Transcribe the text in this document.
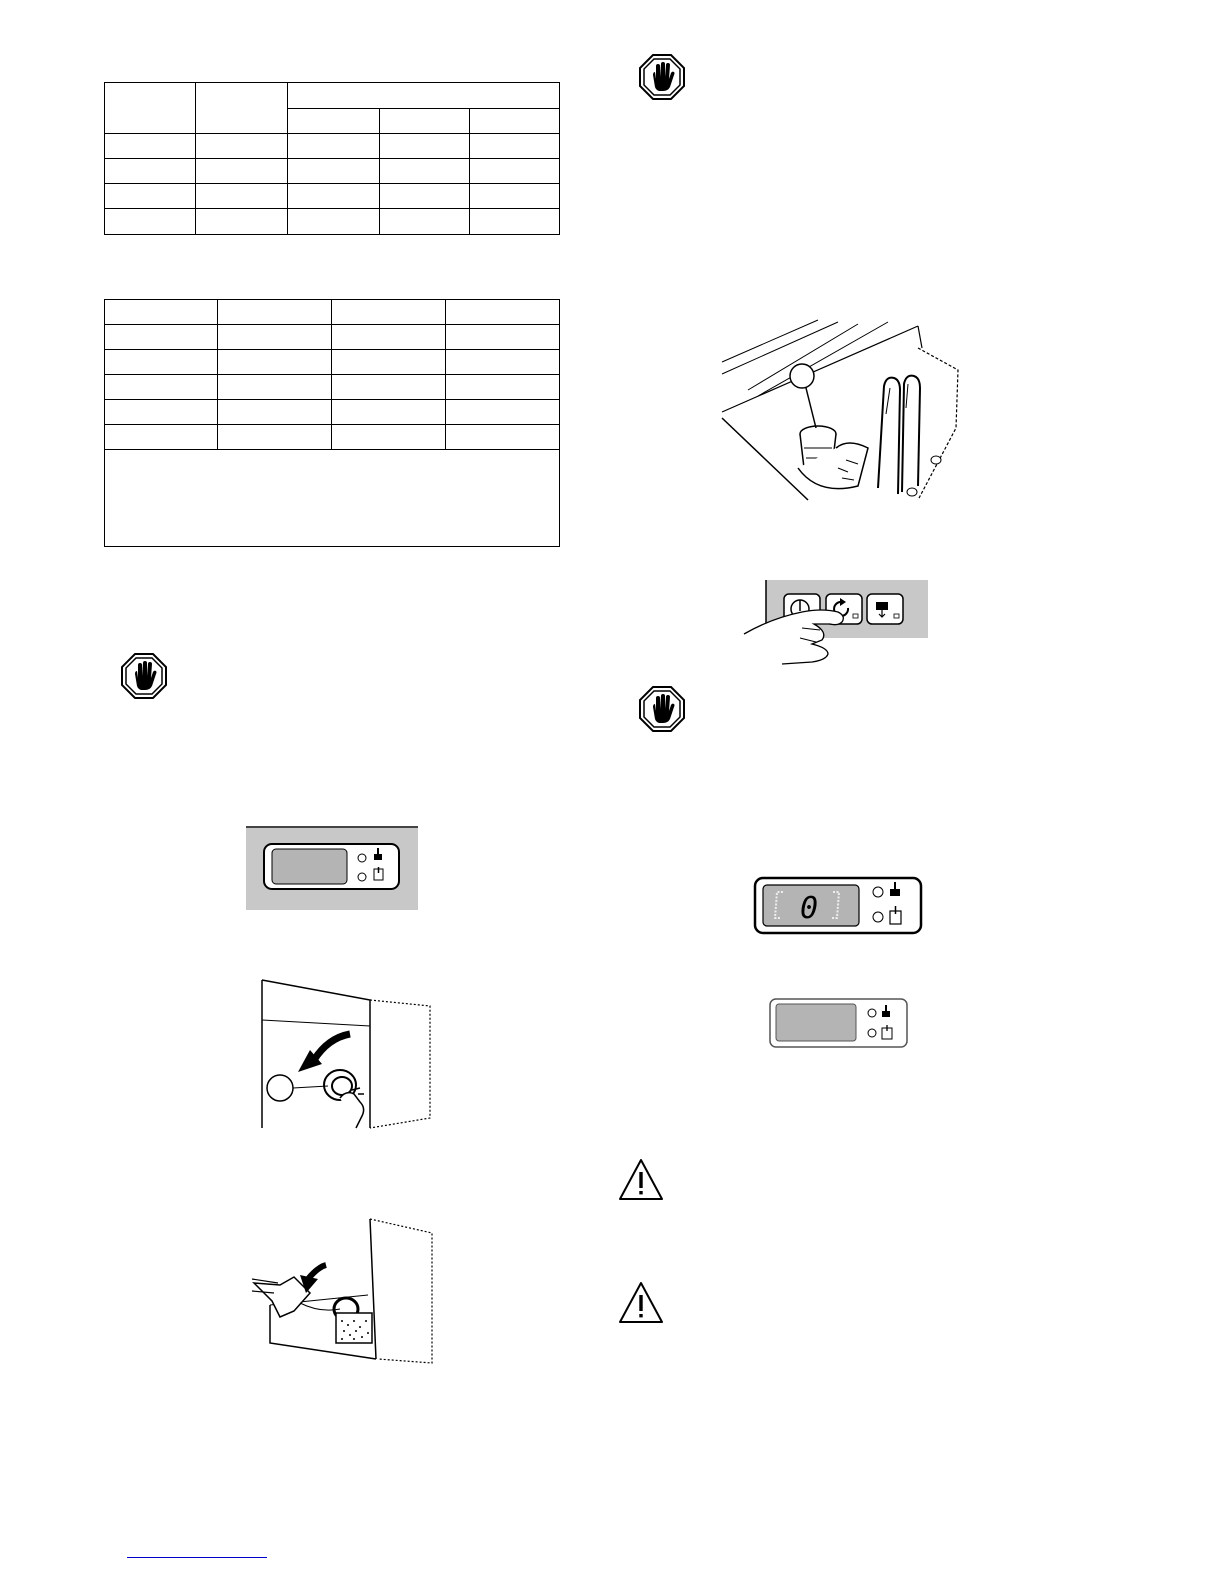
0
